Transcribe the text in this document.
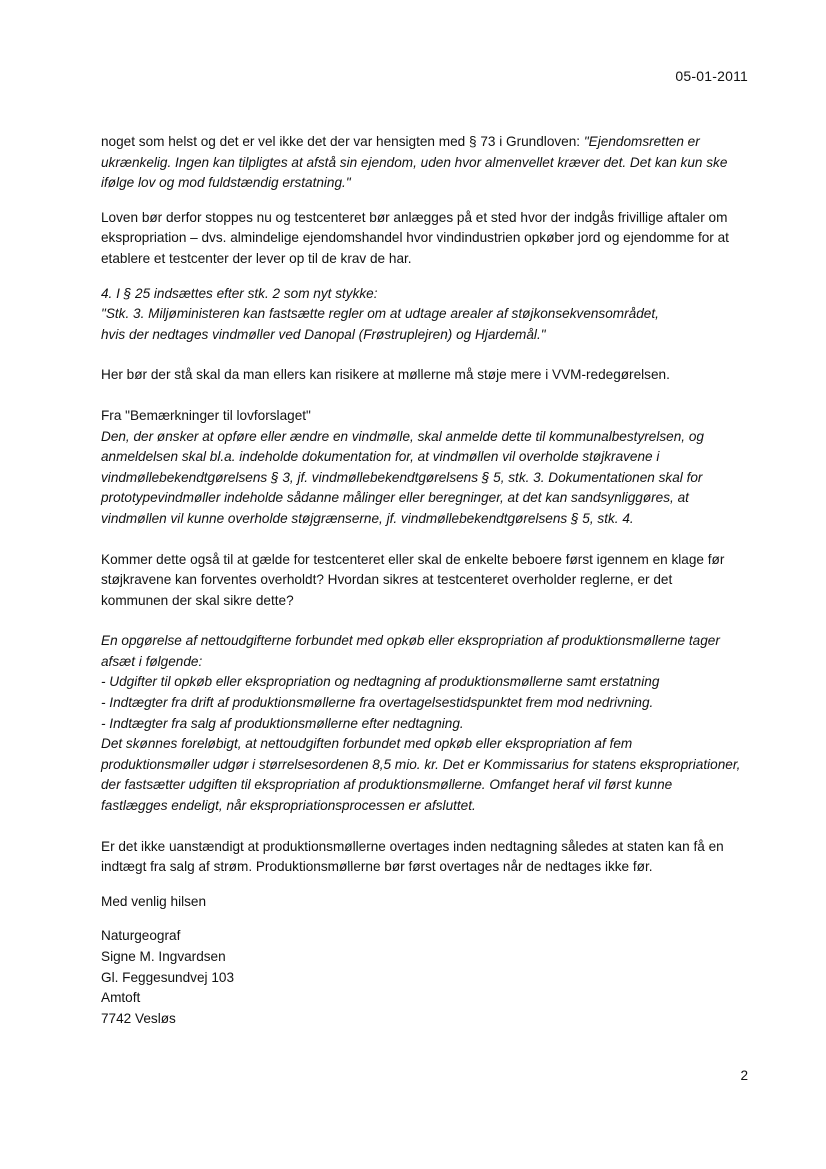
05-01-2011

noget som helst og det er vel ikke det der var hensigten med § 73 i Grundloven: "Ejendomsretten er ukrænkelig. Ingen kan tilpligtes at afstå sin ejendom, uden hvor almenvellet kræver det. Det kan kun ske ifølge lov og mod fuldstændig erstatning."

Loven bør derfor stoppes nu og testcenteret bør anlægges på et sted hvor der indgås frivillige aftaler om ekspropriation – dvs. almindelige ejendomshandel hvor vindindustrien opkøber jord og ejendomme for at etablere et testcenter der lever op til de krav de har.

4. I § 25 indsættes efter stk. 2 som nyt stykke:
"Stk. 3. Miljøministeren kan fastsætte regler om at udtage arealer af støjkonsekvensområdet,
hvis der nedtages vindmøller ved Danopal (Frøstruplejren) og Hjardemål."

Her bør der stå skal da man ellers kan risikere at møllerne må støje mere i VVM-redegørelsen.

Fra "Bemærkninger til lovforslaget"
Den, der ønsker at opføre eller ændre en vindmølle, skal anmelde dette til kommunalbestyrelsen, og anmeldelsen skal bl.a. indeholde dokumentation for, at vindmøllen vil overholde støjkravene i vindmøllebekendtgørelsens § 3, jf. vindmøllebekendtgørelsens § 5, stk. 3. Dokumentationen skal for prototypevindmøller indeholde sådanne målinger eller beregninger, at det kan sandsynliggøres, at vindmøllen vil kunne overholde støjgrænserne, jf. vindmøllebekendtgørelsens § 5, stk. 4.

Kommer dette også til at gælde for testcenteret eller skal de enkelte beboere først igennem en klage før støjkravene kan forventes overholdt? Hvordan sikres at testcenteret overholder reglerne, er det kommunen der skal sikre dette?

En opgørelse af nettoudgifterne forbundet med opkøb eller ekspropriation af produktionsmøllerne tager afsæt i følgende:
- Udgifter til opkøb eller ekspropriation og nedtagning af produktionsmøllerne samt erstatning
- Indtægter fra drift af produktionsmøllerne fra overtagelsestidspunktet frem mod nedrivning.
- Indtægter fra salg af produktionsmøllerne efter nedtagning.
Det skønnes foreløbigt, at nettoudgiften forbundet med opkøb eller ekspropriation af fem produktionsmøller udgør i størrelsesordenen 8,5 mio. kr. Det er Kommissarius for statens ekspropriationer, der fastsætter udgiften til ekspropriation af produktionsmøllerne. Omfanget heraf vil først kunne fastlægges endeligt, når ekspropriationsprocessen er afsluttet.

Er det ikke uanstændigt at produktionsmøllerne overtages inden nedtagning således at staten kan få en indtægt fra salg af strøm. Produktionsmøllerne bør først overtages når de nedtages ikke før.

Med venlig hilsen

Naturgeograf
Signe M. Ingvardsen
Gl. Feggesundvej 103
Amtoft
7742 Vesløs
2
